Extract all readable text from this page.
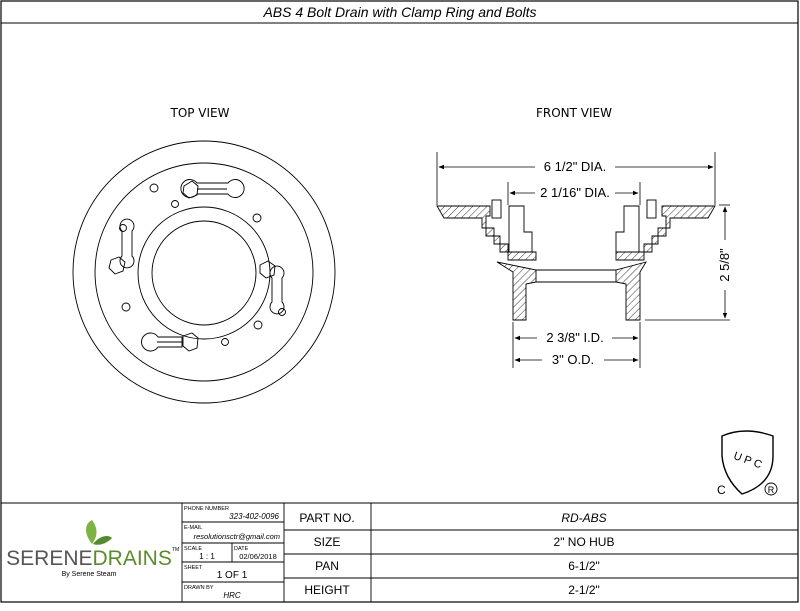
ABS 4 Bolt Drain with Clamp Ring and Bolts
TOP VIEW	FRONT VIEW
6 1/2" DIA.
2 1/16" DIA.
2 3/8" I.D.
3" O.D.
2 5/8"
UPC
C	R
SERENEDRAINS TM
By Serene Steam
PHONE NUMBER
323-402-0096
E-MAIL
resolutionsctr@gmail.com
SCALE
1 : 1
DATE
02/06/2018
SHEET
1 OF 1
DRAWN BY
HRC
PART NO.	RD-ABS
SIZE	2" NO HUB
PAN	6-1/2"
HEIGHT	2-1/2"
